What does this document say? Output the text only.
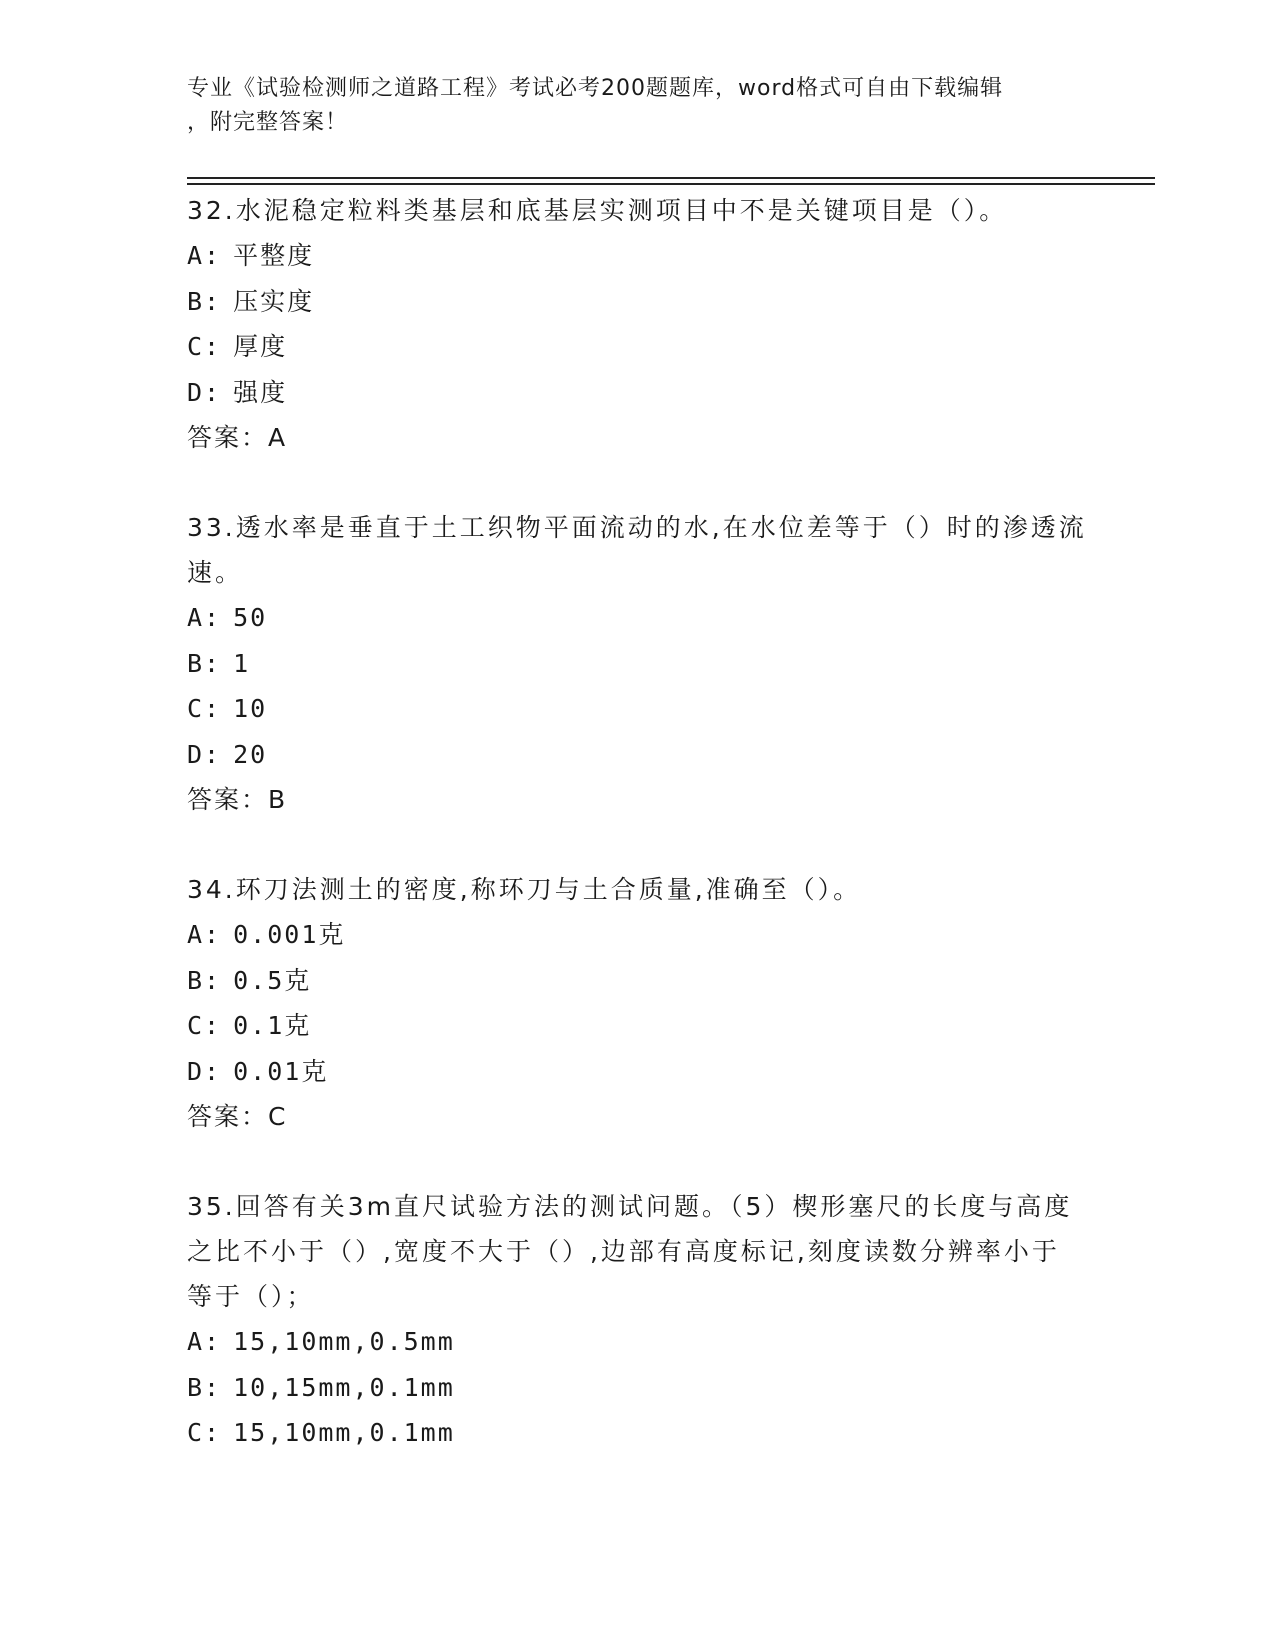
专业《试验检测师之道路工程》考试必考200题题库，word格式可自由下载编辑
，附完整答案！
32.水泥稳定粒料类基层和底基层实测项目中不是关键项目是（）。
A: 平整度
B: 压实度
C: 厚度
D: 强度
答案：A
33.透水率是垂直于土工织物平面流动的水,在水位差等于（）时的渗透流速。
A: 50
B: 1
C: 10
D: 20
答案：B
34.环刀法测土的密度,称环刀与土合质量,准确至（）。
A: 0.001克
B: 0.5克
C: 0.1克
D: 0.01克
答案：C
35.回答有关3m直尺试验方法的测试问题。（5）楔形塞尺的长度与高度之比不小于（）,宽度不大于（）,边部有高度标记,刻度读数分辨率小于等于（）；
A: 15,10mm,0.5mm
B: 10,15mm,0.1mm
C: 15,10mm,0.1mm
